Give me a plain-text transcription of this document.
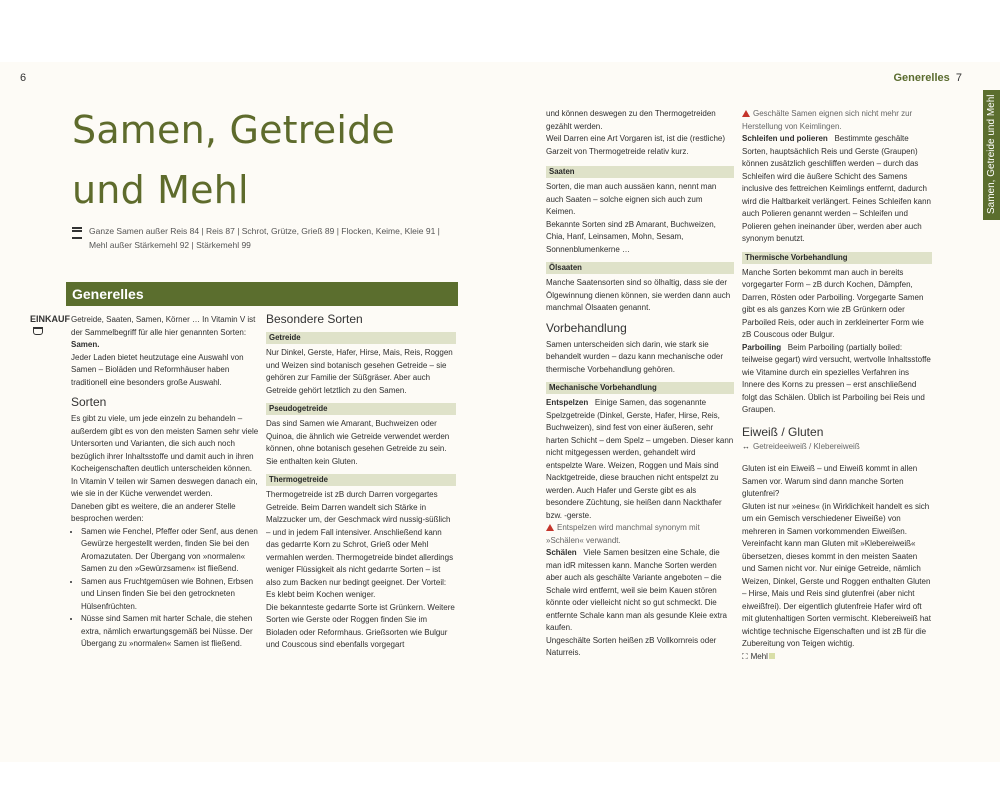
6
Samen, Getreide
und Mehl
Ganze Samen außer Reis 84 | Reis 87 | Schrot, Grütze, Grieß 89 | Flocken, Keime, Kleie 91 | Mehl außer Stärkemehl 92 | Stärkemehl 99
Generelles
EINKAUF Getreide, Saaten, Samen, Körner … In Vitamin V ist der Sammelbegriff für alle hier genannten Sorten: Samen.

Jeder Laden bietet heutzutage eine Auswahl von Samen – Bioläden und Reformhäuser haben traditionell eine besonders große Auswahl.

Sorten

Es gibt zu viele, um jede einzeln zu behandeln – außerdem gibt es von den meisten Samen sehr viele Untersorten und Varianten, die sich auch noch bezüglich ihrer Inhaltsstoffe und damit auch in ihren Kocheigenschaften deutlich unterscheiden können. In Vitamin V teilen wir Samen deswegen danach ein, wie sie in der Küche verwendet werden.

Daneben gibt es weitere, die an anderer Stelle besprochen werden:

• Samen wie Fenchel, Pfeffer oder Senf, aus denen Gewürze hergestellt werden, finden Sie bei den Aromazutaten. Der Übergang von »normalen« Samen zu den »Gewürzsamen« ist fließend.
• Samen aus Fruchtgemüsen wie Bohnen, Erbsen und Linsen finden Sie bei den getrockneten Hülsenfrüchten.
• Nüsse sind Samen mit harter Schale, die stehen extra, nämlich erwartungsgemäß bei Nüsse. Der Übergang zu »normalen« Samen ist fließend.
Besondere Sorten
Getreide

Nur Dinkel, Gerste, Hafer, Hirse, Mais, Reis, Roggen und Weizen sind botanisch gesehen Getreide – sie gehören zur Familie der Süßgräser. Aber auch Getreide gehört letztlich zu den Samen.

Pseudogetreide

Das sind Samen wie Amarant, Buchweizen oder Quinoa, die ähnlich wie Getreide verwendet werden können, ohne botanisch gesehen Getreide zu sein. Sie enthalten kein Gluten.

Thermogetreide

Thermogetreide ist zB durch Darren vorgegartes Getreide. Beim Darren wandelt sich Stärke in Malzzucker um, der Geschmack wird nussig-süßlich – und in jedem Fall intensiver. Anschließend kann das gedarrte Korn zu Schrot, Grieß oder Mehl vermahlen werden. Thermogetreide bindet allerdings weniger Flüssigkeit als nicht gedarrte Sorten – ist also zum Backen nur bedingt geeignet. Der Vorteil: Es klebt beim Kochen weniger.

Die bekannteste gedarrte Sorte ist Grünkern. Weitere Sorten wie Gerste oder Roggen finden Sie im Bioladen oder Reformhaus. Grießsorten wie Bulgur und Couscous sind ebenfalls vorgegart

Generelles 7
Samen, Getreide und Mehl

und können deswegen zu den Thermogetreiden gezählt werden.

Weil Darren eine Art Vorgaren ist, ist die (restliche) Garzeit von Thermogetreide relativ kurz.

Saaten

Sorten, die man auch aussäen kann, nennt man auch Saaten – solche eignen sich auch zum Keimen.

Bekannte Sorten sind zB Amarant, Buchweizen, Chia, Hanf, Leinsamen, Mohn, Sesam, Sonnenblumenkerne …

Ölsaaten

Manche Saatensorten sind so ölhaltig, dass sie der Ölgewinnung dienen können, sie werden dann auch manchmal Ölsaaten genannt.

Vorbehandlung

Samen unterscheiden sich darin, wie stark sie behandelt wurden – dazu kann mechanische oder thermische Vorbehandlung gehören.

Mechanische Vorbehandlung

Entspelzen Einige Samen, das sogenannte Spelzgetreide (Dinkel, Gerste, Hafer, Hirse, Reis, Buchweizen), sind fest von einer äußeren, sehr harten Schicht – dem Spelz – umgeben. Dieser kann nicht mitgegessen werden, gehandelt wird entspelzte Ware. Weizen, Roggen und Mais sind Nacktgetreide, diese brauchen nicht entspelzt zu werden. Auch Hafer und Gerste gibt es als besondere Züchtung, sie heißen dann Nackthafer bzw. -gerste.

Entspelzen wird manchmal synonym mit »Schälen« verwandt.

Schälen Viele Samen besitzen eine Schale, die man idR mitessen kann. Manche Sorten werden aber auch als geschälte Variante angeboten – die Schale wird entfernt, weil sie beim Kauen stören könnte oder vielleicht nicht so gut schmeckt. Die entfernte Schale kann man als gesunde Kleie extra kaufen.

Ungeschälte Sorten heißen zB Vollkornreis oder Naturreis.

Geschälte Samen eignen sich nicht mehr zur Herstellung von Keimlingen.

Schleifen und polieren Bestimmte geschälte Sorten, hauptsächlich Reis und Gerste (Graupen) können zusätzlich geschliffen werden – durch das Schleifen wird die äußere Schicht des Samens inclusive des fettreichen Keimlings entfernt, dadurch wird die Haltbarkeit verlängert. Feines Schleifen kann auch Polieren genannt werden – Schleifen und Polieren gehen ineinander über, werden aber auch synonym benutzt.

Thermische Vorbehandlung

Manche Sorten bekommt man auch in bereits vorgegarter Form – zB durch Kochen, Dämpfen, Darren, Rösten oder Parboiling. Vorgegarte Samen gibt es als ganzes Korn wie zB Grünkern oder Parboiled Reis, oder auch in zerkleinerter Form wie zB Couscous oder Bulgur.

Parboiling Beim Parboiling (partially boiled: teilweise gegart) wird versucht, wertvolle Inhaltsstoffe wie Vitamine durch ein spezielles Verfahren ins Innere des Korns zu pressen – erst anschließend folgt das Schälen. Üblich ist Parboiling bei Reis und Graupen.

Eiweiß / Gluten

↔ Getreideeiweiß / Klebereiweiß

Gluten ist ein Eiweiß – und Eiweiß kommt in allen Samen vor. Warum sind dann manche Sorten glutenfrei?

Gluten ist nur »eines« (in Wirklichkeit handelt es sich um ein Gemisch verschiedener Eiweiße) von mehreren in Samen vorkommenden Eiweißen. Vereinfacht kann man Gluten mit »Klebereiweiß« übersetzen, dieses kommt in den meisten Saaten und Samen nicht vor. Nur einige Getreide, nämlich Weizen, Dinkel, Gerste und Roggen enthalten Gluten – Hirse, Mais und Reis sind glutenfrei (aber nicht eiweißfrei). Der eigentlich glutenfreie Hafer wird oft mit glutenhaltigen Sorten vermischt. Klebereiweiß hat wichtige technische Eigenschaften und ist zB für die Zubereitung von Teigen wichtig.

⛶ Mehl
